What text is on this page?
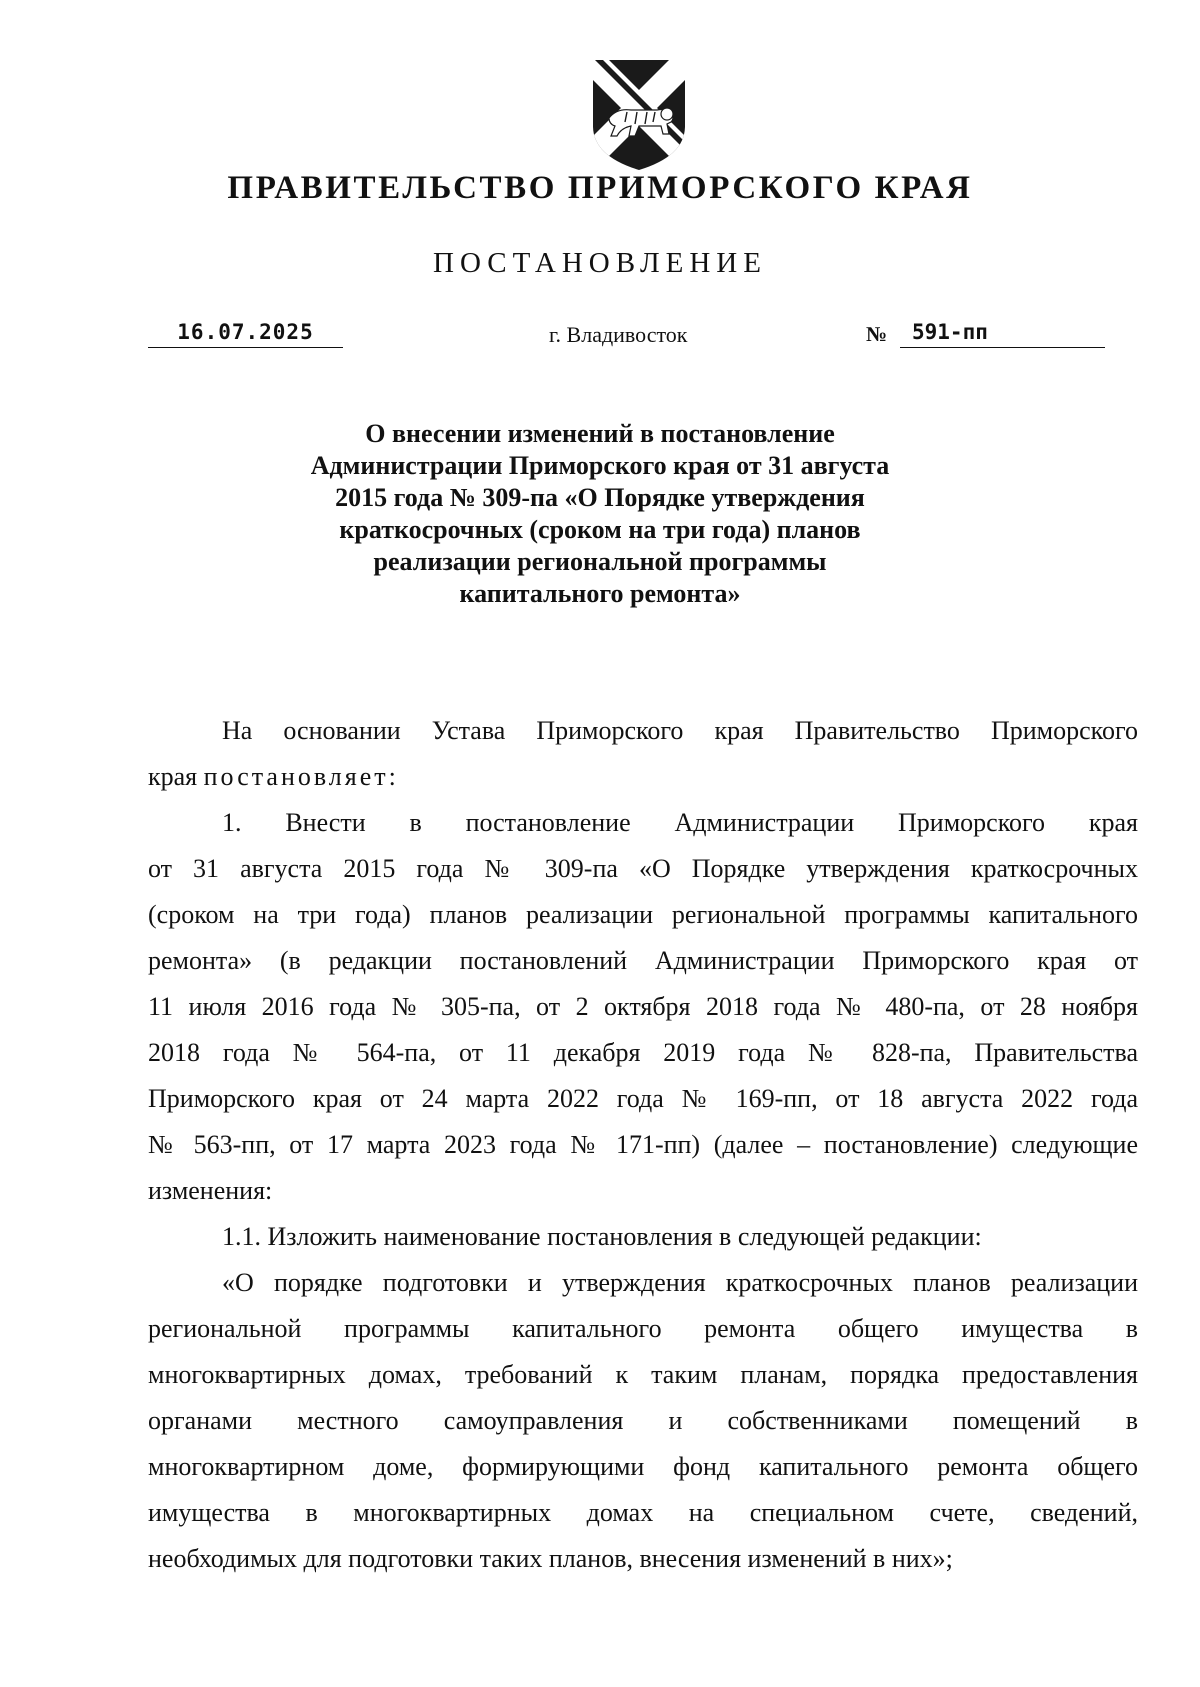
ПРАВИТЕЛЬСТВО ПРИМОРСКОГО КРАЯ
ПОСТАНОВЛЕНИЕ
16.07.2025	г. Владивосток	№	591-пп
О внесении изменений в постановление
Администрации Приморского края от 31 августа
2015 года № 309-па «О Порядке утверждения
краткосрочных (сроком на три года) планов
реализации региональной программы
капитального ремонта»
На основании Устава Приморского края Правительство Приморского
края постановляет:
1. Внести в постановление Администрации Приморского края
от 31 августа 2015 года № 309-па «О Порядке утверждения краткосрочных
(сроком на три года) планов реализации региональной программы капитального
ремонта» (в редакции постановлений Администрации Приморского края от
11 июля 2016 года № 305-па, от 2 октября 2018 года № 480-па, от 28 ноября
2018 года № 564-па, от 11 декабря 2019 года № 828-па, Правительства
Приморского края от 24 марта 2022 года № 169-пп, от 18 августа 2022 года
№ 563-пп, от 17 марта 2023 года № 171-пп) (далее – постановление) следующие
изменения:
1.1. Изложить наименование постановления в следующей редакции:
«О порядке подготовки и утверждения краткосрочных планов реализации
региональной программы капитального ремонта общего имущества в
многоквартирных домах, требований к таким планам, порядка предоставления
органами местного самоуправления и собственниками помещений в
многоквартирном доме, формирующими фонд капитального ремонта общего
имущества в многоквартирных домах на специальном счете, сведений,
необходимых для подготовки таких планов, внесения изменений в них»;
